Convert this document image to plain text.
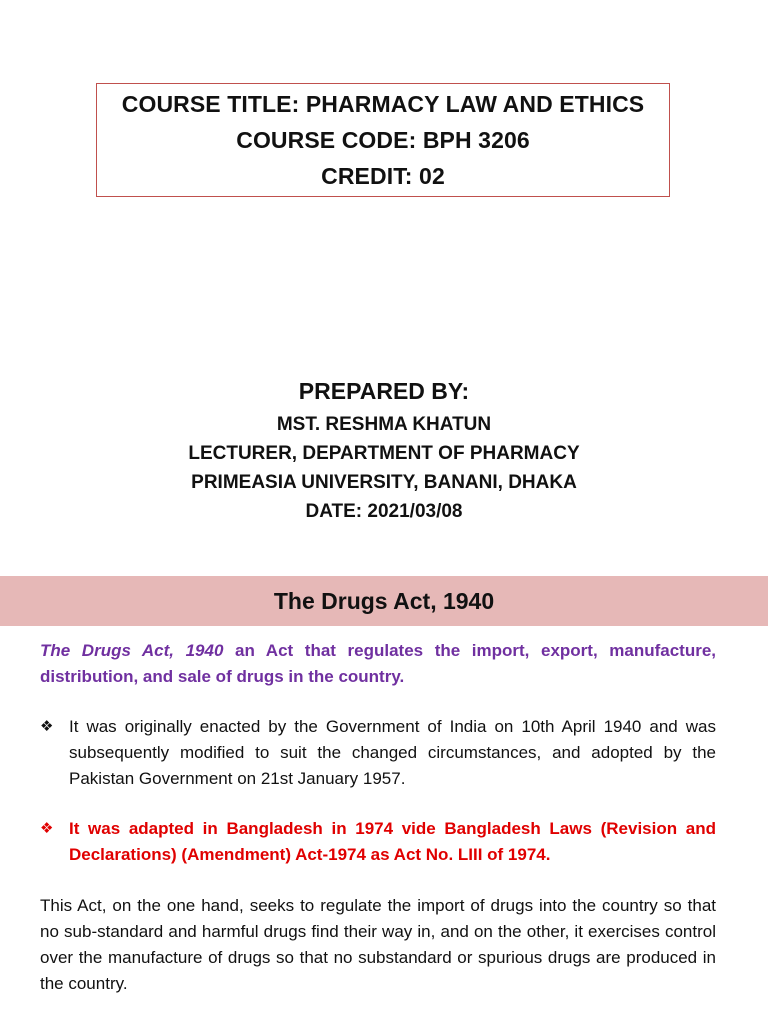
COURSE TITLE: PHARMACY LAW AND ETHICS
COURSE CODE: BPH 3206
CREDIT: 02
PREPARED BY:
MST. RESHMA KHATUN
LECTURER, DEPARTMENT OF PHARMACY
PRIMEASIA UNIVERSITY, BANANI, DHAKA
DATE: 2021/03/08
The Drugs Act, 1940
The Drugs Act, 1940 an Act that regulates the import, export, manufacture, distribution, and sale of drugs in the country.
❖ It was originally enacted by the Government of India on 10th April 1940 and was subsequently modified to suit the changed circumstances, and adopted by the Pakistan Government on 21st January 1957.
❖ It was adapted in Bangladesh in 1974 vide Bangladesh Laws (Revision and Declarations) (Amendment) Act-1974 as Act No. LIII of 1974.
This Act, on the one hand, seeks to regulate the import of drugs into the country so that no sub-standard and harmful drugs find their way in, and on the other, it exercises control over the manufacture of drugs so that no substandard or spurious drugs are produced in the country.
